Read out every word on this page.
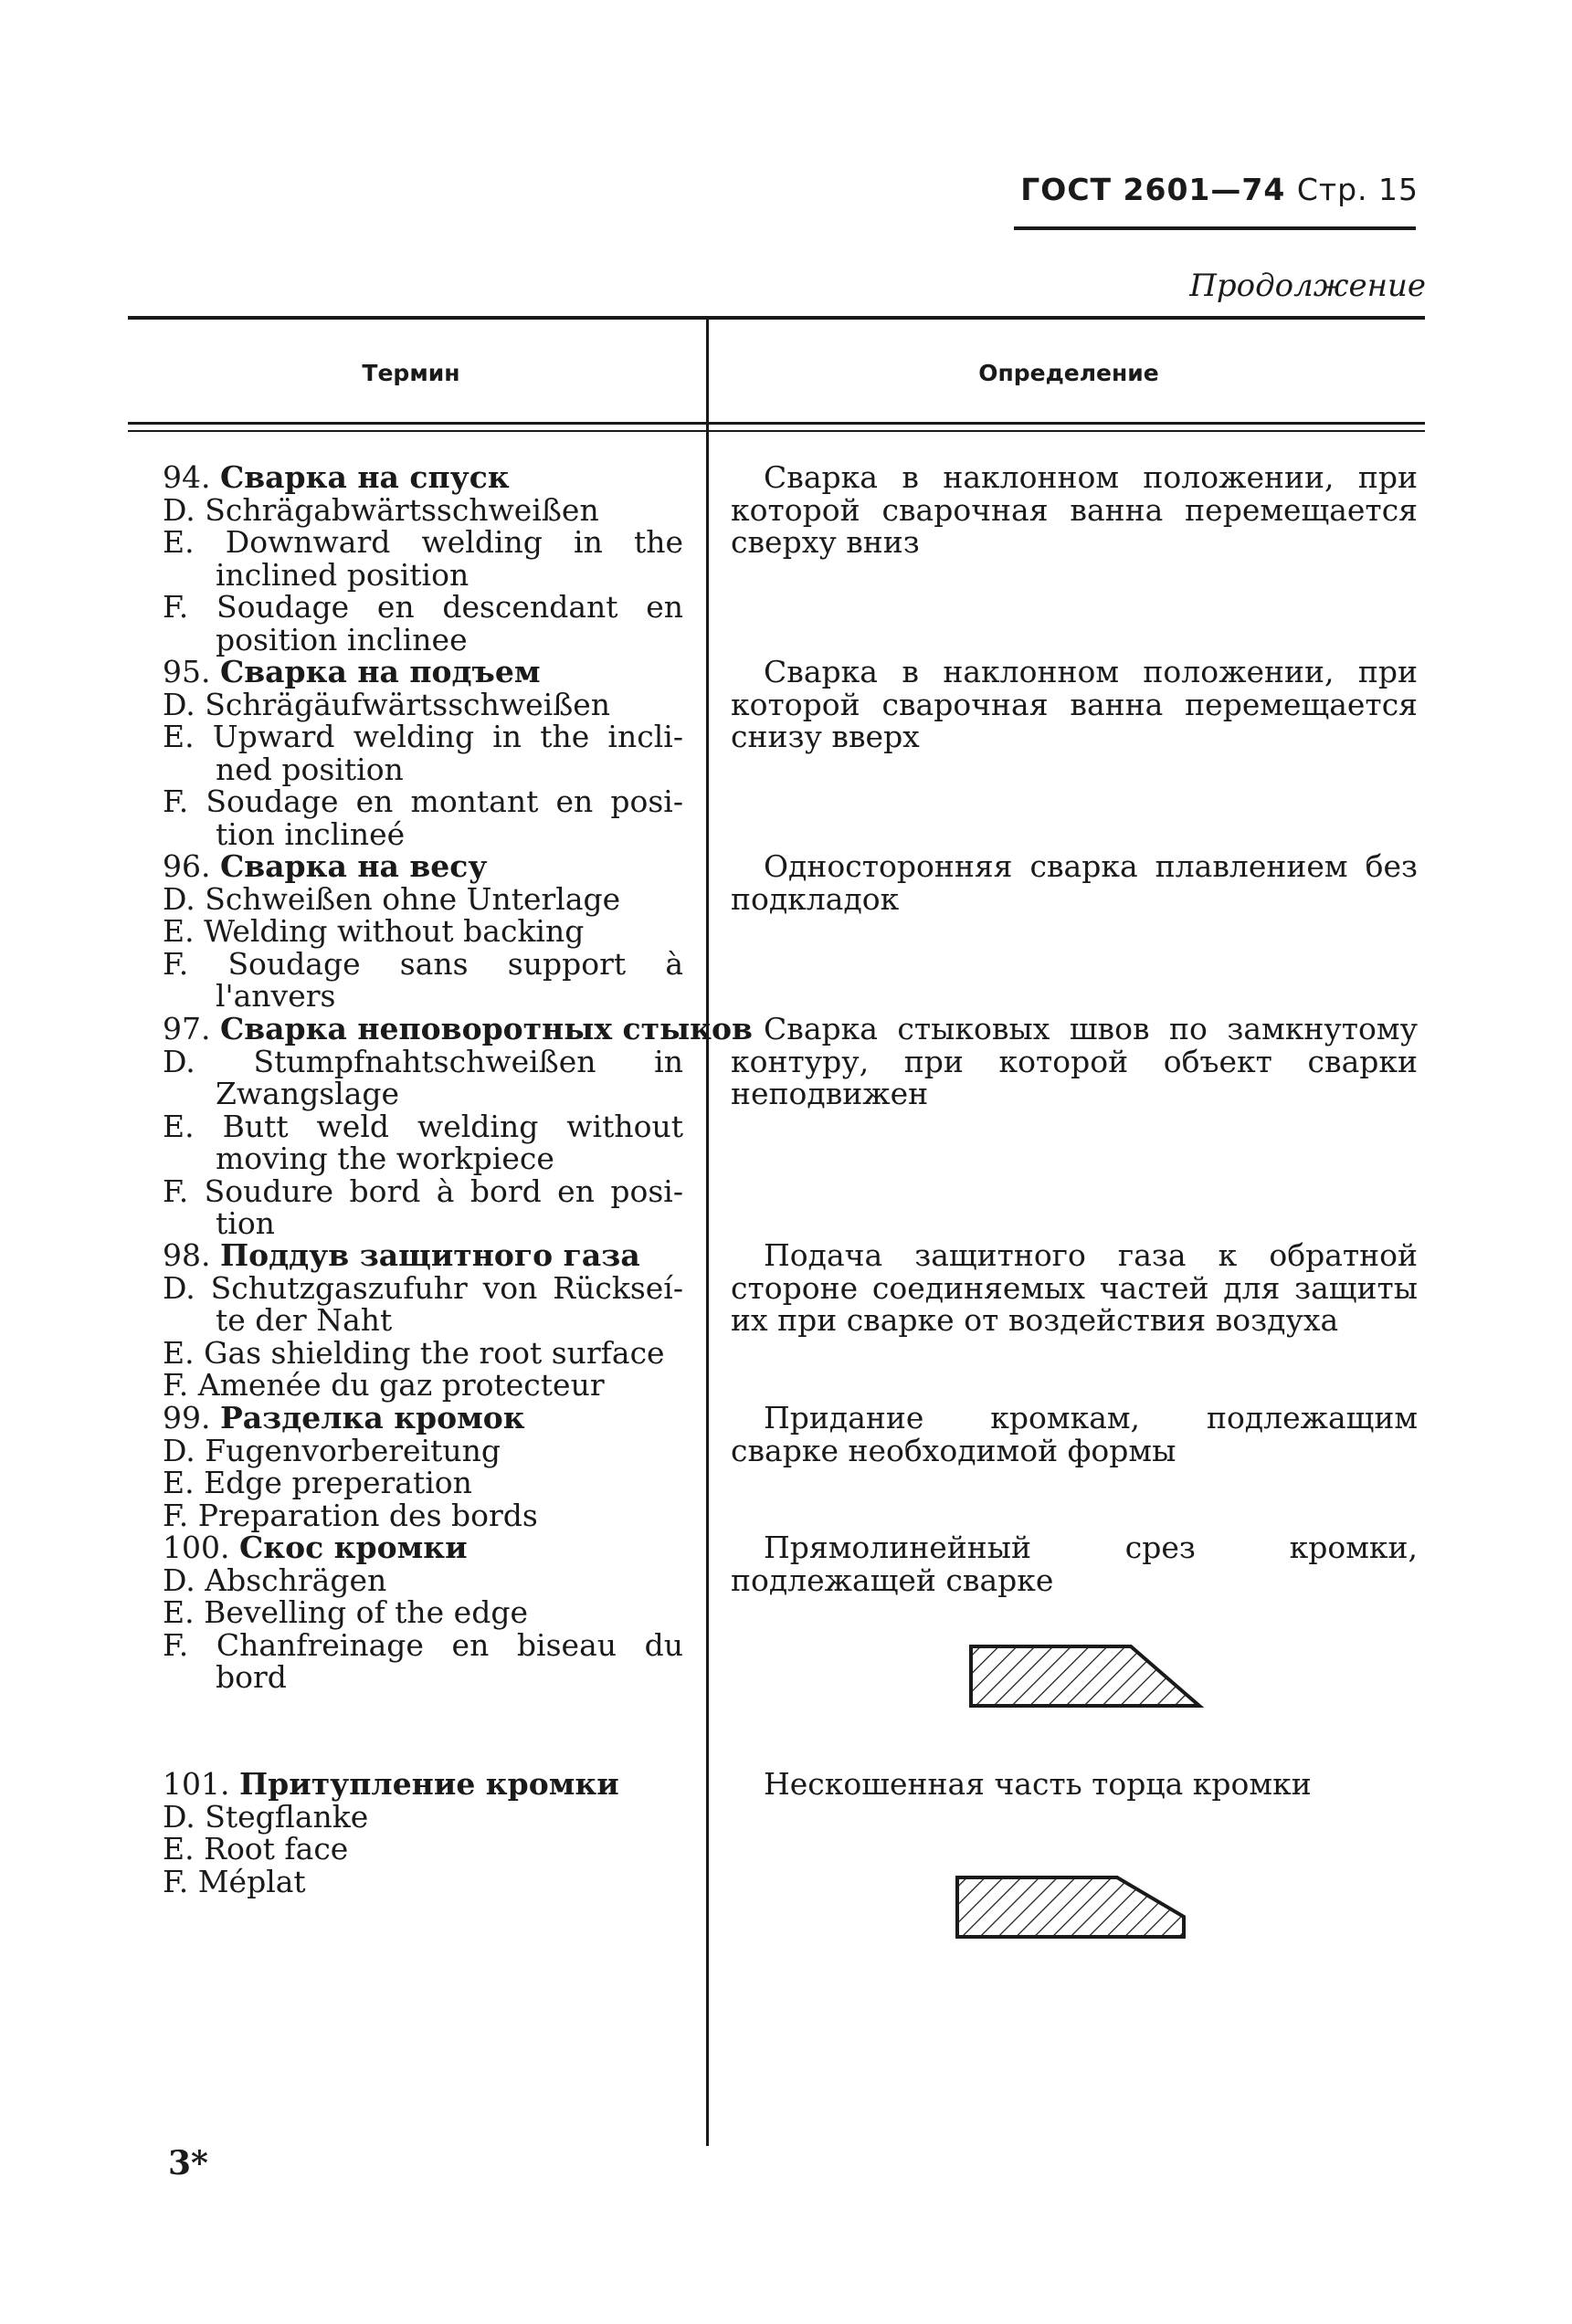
ГОСТ 2601—74 Стр. 15
Продолжение
Термин	Определение
94. Сварка на спуск
D. Schrägabwärtsschweißen
E. Downward welding in the
inclined position
F. Soudage en descendant en
position inclinee
Сварка в наклонном положении, при которой сварочная ванна перемещается сверху вниз
95. Сварка на подъем
D. Schrägäufwärtsschweißen
E. Upward welding in the incli-
ned position
F. Soudage en montant en posi-
tion inclineé
Сварка в наклонном положении, при которой сварочная ванна перемещается снизу вверх
96. Сварка на весу
D. Schweißen ohne Unterlage
E. Welding without backing
F. Soudage sans support à
l'anvers
Односторонняя сварка плавлением без подкладок
97. Сварка неповоротных стыков
D. Stumpfnahtschweißen in
Zwangslage
E. Butt weld welding without
moving the workpiece
F. Soudure bord à bord en posi-
tion
Сварка стыковых швов по замкнутому контуру, при которой объект сварки неподвижен
98. Поддув защитного газа
D. Schutzgaszufuhr von Rückseí-
te der Naht
E. Gas shielding the root surface
F. Amenée du gaz protecteur
Подача защитного газа к обратной стороне соединяемых частей для защиты их при сварке от воздействия воздуха
99. Разделка кромок
D. Fugenvorbereitung
E. Edge preperation
F. Preparation des bords
Придание кромкам, подлежащим сварке необходимой формы
100. Скос кромки
D. Abschrägen
E. Bevelling of the edge
F. Chanfreinage en biseau du
bord
Прямолинейный срез кромки, подлежащей сварке
101. Притупление кромки
D. Stegflanke
E. Root face
F. Méplat
Нескошенная часть торца кромки
3*
